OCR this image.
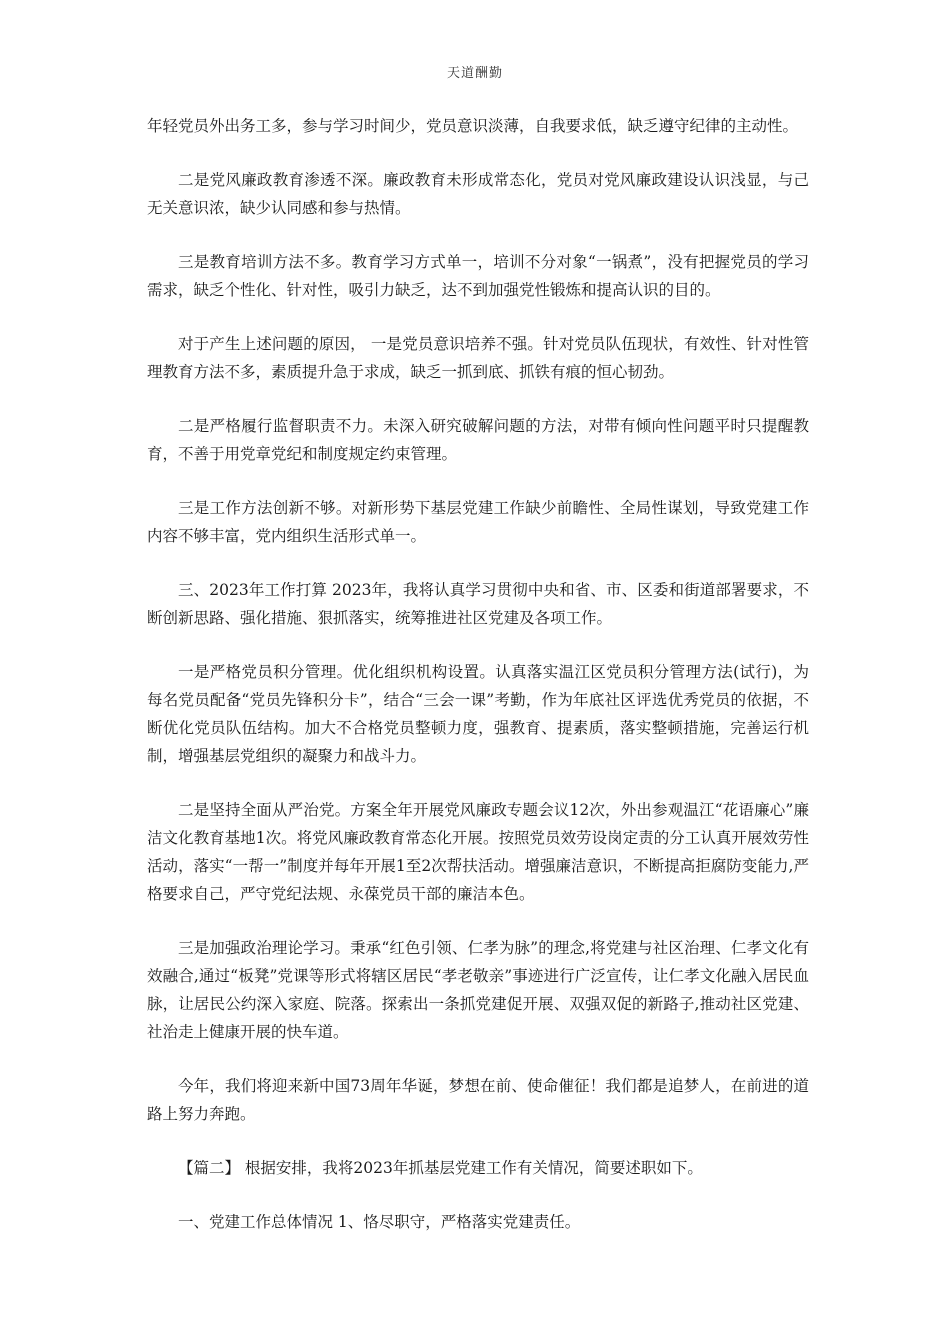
天道酬勤

年轻党员外出务工多，参与学习时间少，党员意识淡薄，自我要求低，缺乏遵守纪律的主动性。

二是党风廉政教育渗透不深。廉政教育未形成常态化，党员对党风廉政建设认识浅显，与己无关意识浓，缺少认同感和参与热情。

三是教育培训方法不多。教育学习方式单一，培训不分对象“一锅煮”，没有把握党员的学习需求，缺乏个性化、针对性，吸引力缺乏，达不到加强党性锻炼和提高认识的目的。

对于产生上述问题的原因， 一是党员意识培养不强。针对党员队伍现状，有效性、针对性管理教育方法不多，素质提升急于求成，缺乏一抓到底、抓铁有痕的恒心韧劲。

二是严格履行监督职责不力。未深入研究破解问题的方法，对带有倾向性问题平时只提醒教育，不善于用党章党纪和制度规定约束管理。

三是工作方法创新不够。对新形势下基层党建工作缺少前瞻性、全局性谋划，导致党建工作内容不够丰富，党内组织生活形式单一。

三、2023年工作打算 2023年，我将认真学习贯彻中央和省、市、区委和街道部署要求，不断创新思路、强化措施、狠抓落实，统筹推进社区党建及各项工作。

一是严格党员积分管理。优化组织机构设置。认真落实温江区党员积分管理方法(试行)，为每名党员配备“党员先锋积分卡”，结合“三会一课”考勤，作为年底社区评选优秀党员的依据，不断优化党员队伍结构。加大不合格党员整顿力度，强教育、提素质，落实整顿措施，完善运行机制，增强基层党组织的凝聚力和战斗力。

二是坚持全面从严治党。方案全年开展党风廉政专题会议12次，外出参观温江“花语廉心”廉洁文化教育基地1次。将党风廉政教育常态化开展。按照党员效劳设岗定责的分工认真开展效劳性活动，落实“一帮一”制度并每年开展1至2次帮扶活动。增强廉洁意识，不断提高拒腐防变能力,严格要求自己，严守党纪法规、永葆党员干部的廉洁本色。

三是加强政治理论学习。秉承“红色引领、仁孝为脉”的理念,将党建与社区治理、仁孝文化有效融合,通过“板凳”党课等形式将辖区居民“孝老敬亲”事迹进行广泛宣传，让仁孝文化融入居民血脉，让居民公约深入家庭、院落。探索出一条抓党建促开展、双强双促的新路子,推动社区党建、社治走上健康开展的快车道。

今年，我们将迎来新中国73周年华诞，梦想在前、使命催征！我们都是追梦人，在前进的道路上努力奔跑。

【篇二】 根据安排，我将2023年抓基层党建工作有关情况，简要述职如下。

一、党建工作总体情况 1、恪尽职守，严格落实党建责任。
